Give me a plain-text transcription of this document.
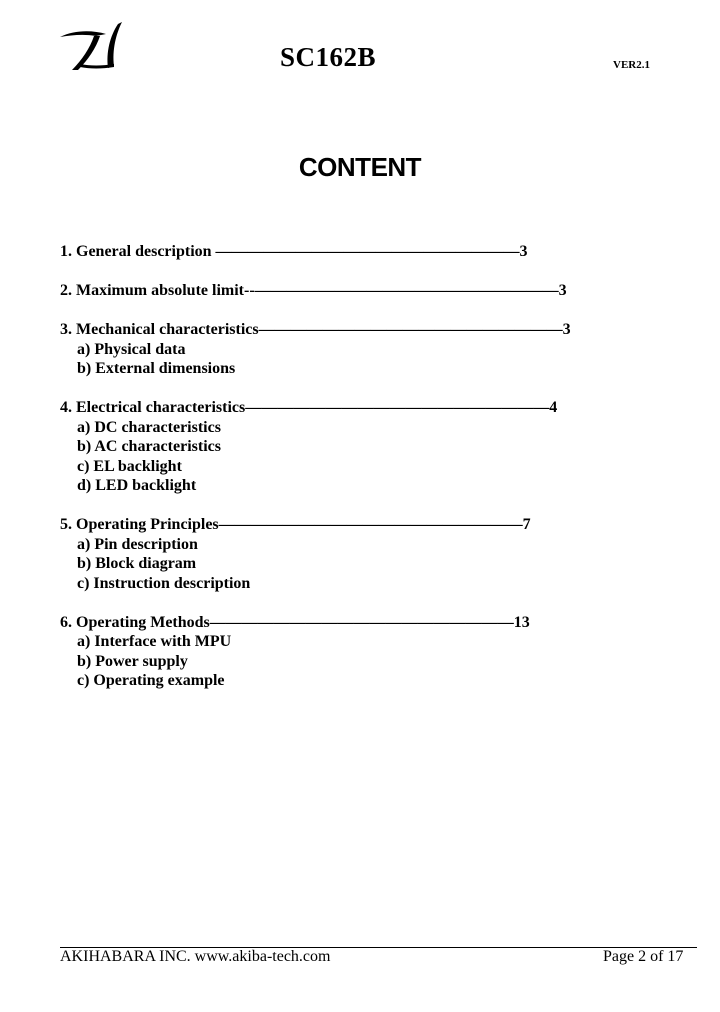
SC162B	VER2.1
CONTENT
1. General description ———————————————————3
2. Maximum absolute limit--———————————————————3
3. Mechanical characteristics———————————————————3
a) Physical data
b) External dimensions
4. Electrical characteristics———————————————————4
a) DC characteristics
b) AC characteristics
c) EL backlight
d) LED backlight
5. Operating Principles———————————————————7
a) Pin description
b) Block diagram
c) Instruction description
6. Operating Methods———————————————————13
a) Interface with MPU
b) Power supply
c) Operating example
AKIHABARA INC. www.akiba-tech.com	Page 2 of 17
